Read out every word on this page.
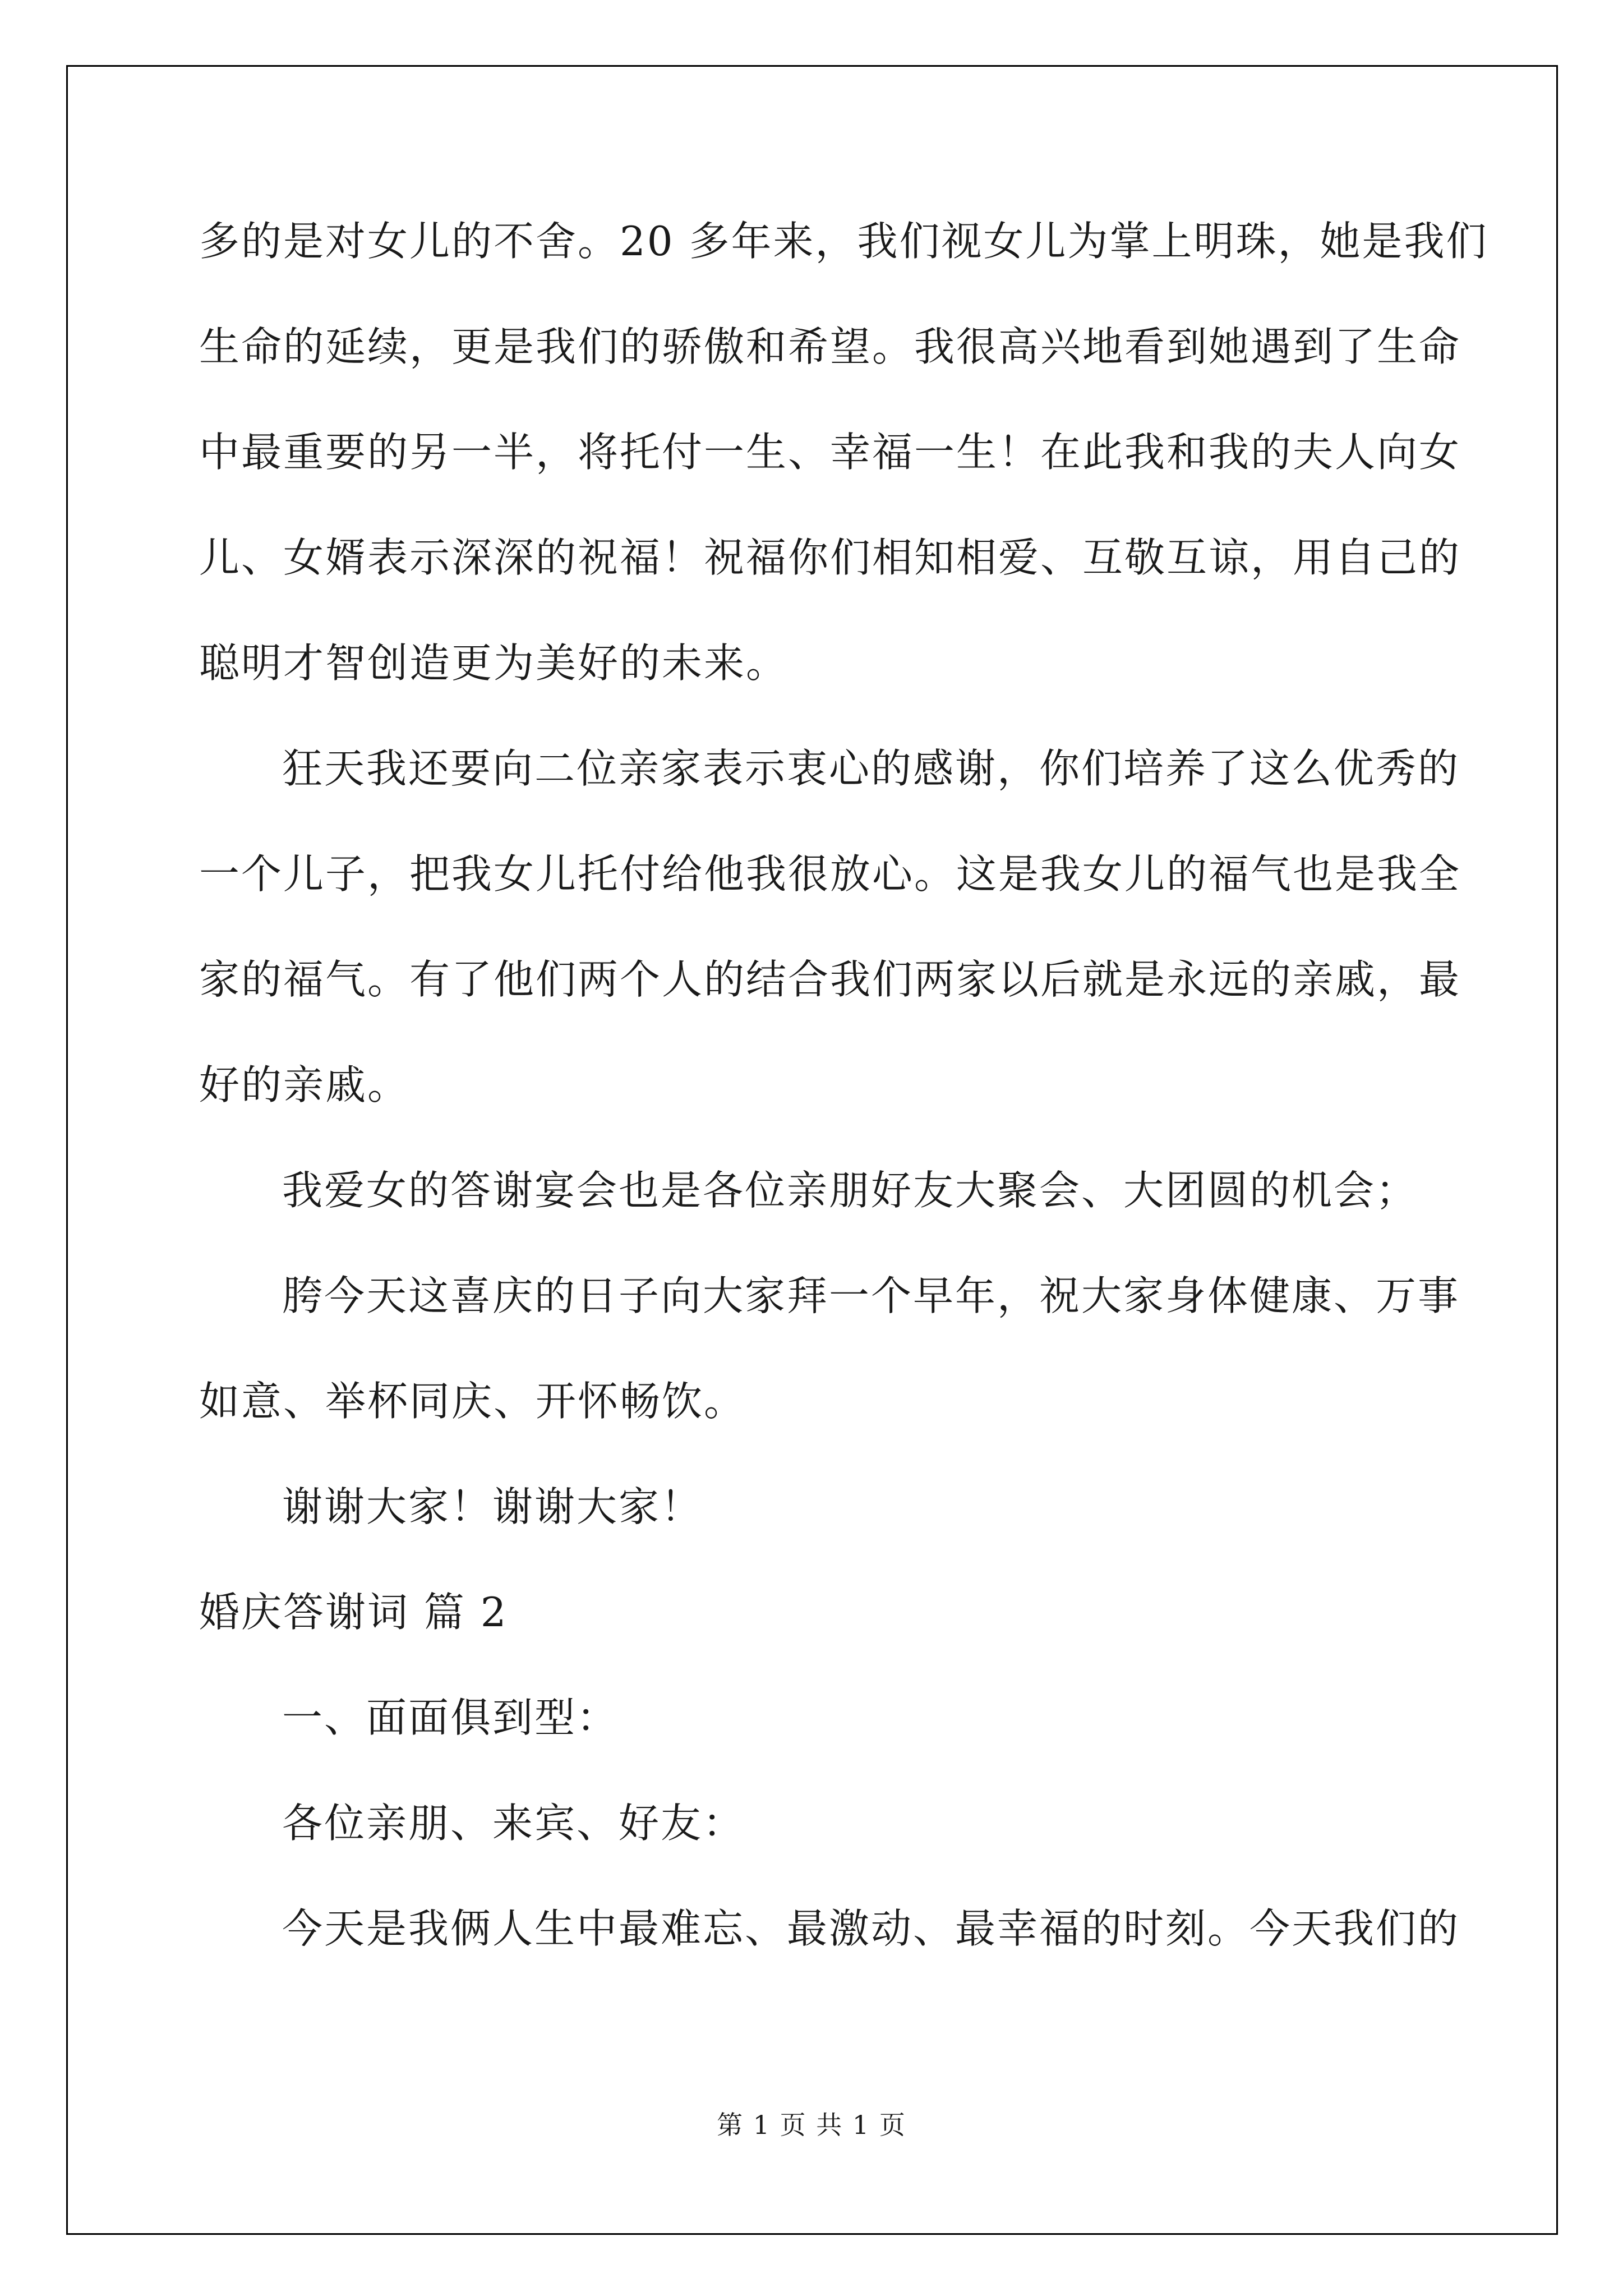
多的是对女儿的不舍。20 多年来，我们视女儿为掌上明珠，她是我们
生命的延续，更是我们的骄傲和希望。我很高兴地看到她遇到了生命
中最重要的另一半，将托付一生、幸福一生！在此我和我的夫人向女
儿、女婿表示深深的祝福！祝福你们相知相爱、互敬互谅，用自己的
聪明才智创造更为美好的未来。
狂天我还要向二位亲家表示衷心的感谢，你们培养了这么优秀的
一个儿子，把我女儿托付给他我很放心。这是我女儿的福气也是我全
家的福气。有了他们两个人的结合我们两家以后就是永远的亲戚，最
好的亲戚。
我爱女的答谢宴会也是各位亲朋好友大聚会、大团圆的机会；
胯今天这喜庆的日子向大家拜一个早年，祝大家身体健康、万事
如意、举杯同庆、开怀畅饮。
谢谢大家！谢谢大家！
婚庆答谢词 篇 2
一、面面俱到型：
各位亲朋、来宾、好友：
今天是我俩人生中最难忘、最激动、最幸福的时刻。今天我们的
第 1 页 共 1 页
